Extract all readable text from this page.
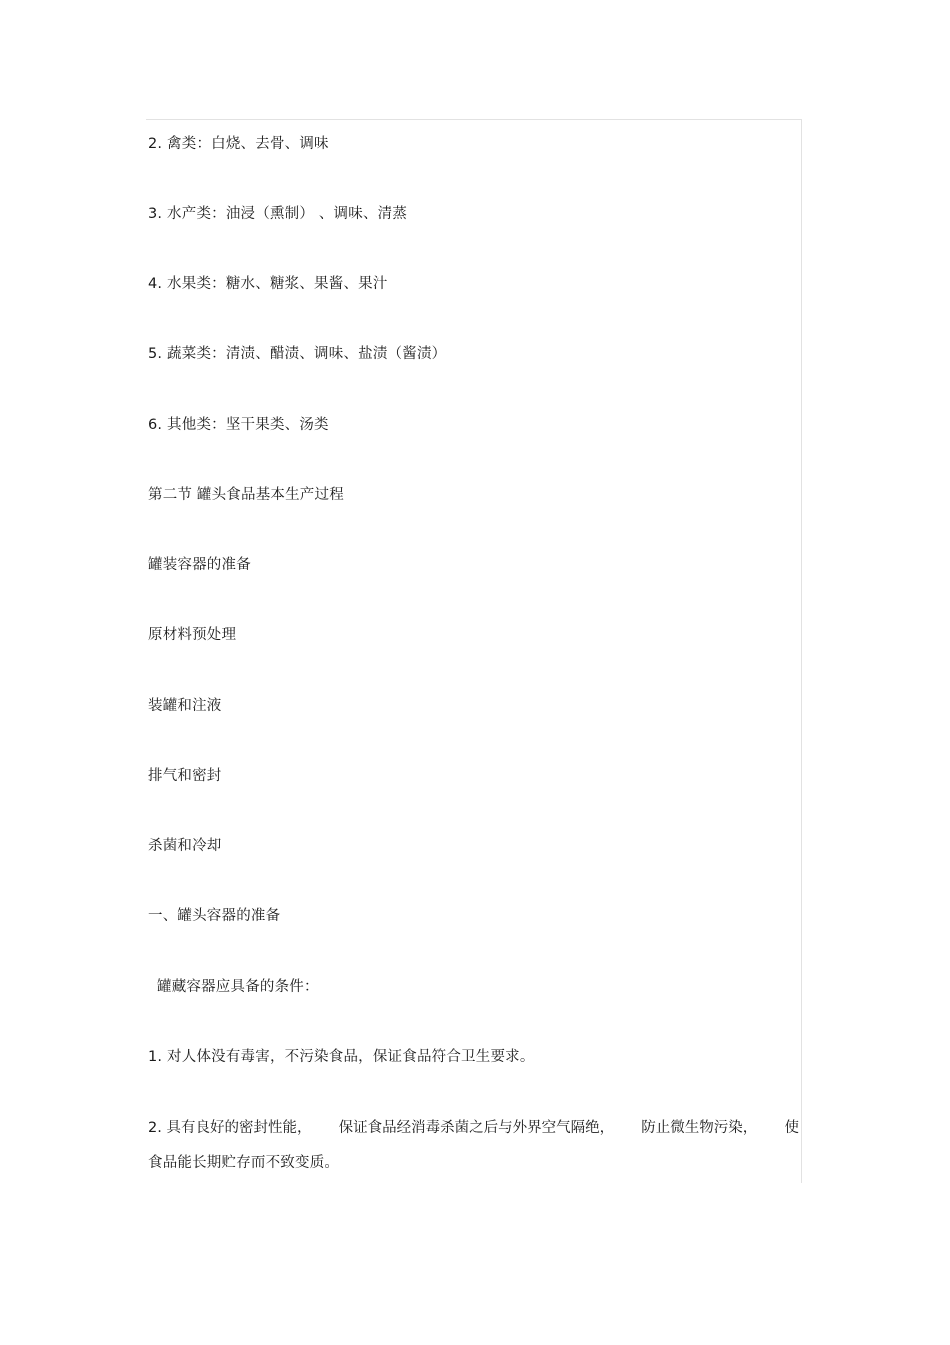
2. 禽类：白烧、去骨、调味
3. 水产类：油浸（熏制） 、调味、清蒸
4. 水果类：糖水、糖浆、果酱、果汁
5. 蔬菜类：清渍、醋渍、调味、盐渍（酱渍）
6. 其他类：坚干果类、汤类
第二节 罐头食品基本生产过程
罐装容器的准备
原材料预处理
装罐和注液
排气和密封
杀菌和冷却
一、罐头容器的准备
罐藏容器应具备的条件：
1. 对人体没有毒害，不污染食品，保证食品符合卫生要求。
2. 具有良好的密封性能， 保证食品经消毒杀菌之后与外界空气隔绝， 防止微生物污染， 使
食品能长期贮存而不致变质。
